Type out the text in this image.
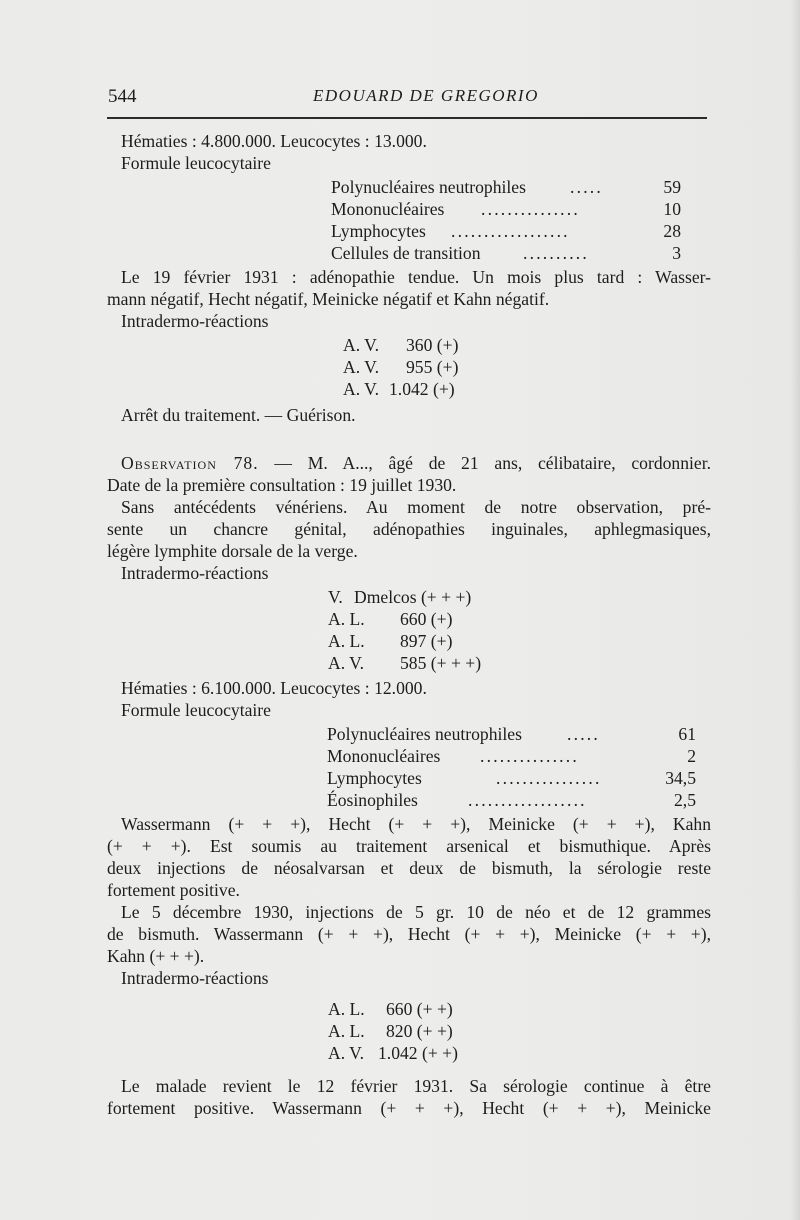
544	EDOUARD DE GREGORIO
Hématies : 4.800.000. Leucocytes : 13.000.
Formule leucocytaire
Polynucléaires neutrophiles	.....	59
Mononucléaires ...............	10
Lymphocytes ..................	28
Cellules de transition ..........	3
Le 19 février 1931 : adénopathie tendue. Un mois plus tard : Wasser-
mann négatif, Hecht négatif, Meinicke négatif et Kahn négatif.
Intradermo-réactions
A. V. 360 (+)
A. V. 955 (+)
A. V. 1.042 (+)
Arrêt du traitement. — Guérison.
Observation 78. — M. A..., âgé de 21 ans, célibataire, cordonnier.
Date de la première consultation : 19 juillet 1930.
Sans antécédents vénériens. Au moment de notre observation, pré-
sente un chancre génital, adénopathies inguinales, aphlegmasiques,
légère lymphite dorsale de la verge.
Intradermo-réactions
V. Dmelcos (+ + +)
A. L. 660 (+)
A. L. 897 (+)
A. V. 585 (+ + +)
Hématies : 6.100.000. Leucocytes : 12.000.
Formule leucocytaire
Polynucléaires neutrophiles	.....	61
Mononucléaires ...............	2
Lymphocytes	................	34,5
Éosinophiles	..................	2,5
Wassermann (+ + +), Hecht (+ + +), Meinicke (+ + +), Kahn
(+ + +). Est soumis au traitement arsenical et bismuthique. Après
deux injections de néosalvarsan et deux de bismuth, la sérologie reste
fortement positive.
Le 5 décembre 1930, injections de 5 gr. 10 de néo et de 12 grammes
de bismuth. Wassermann (+ + +), Hecht (+ + +), Meinicke (+ + +),
Kahn (+ + +).
Intradermo-réactions
A. L. 660 (+ +)
A. L. 820 (+ +)
A. V. 1.042 (+ +)
Le malade revient le 12 février 1931. Sa sérologie continue à être
fortement positive. Wassermann (+ + +), Hecht (+ + +), Meinicke
